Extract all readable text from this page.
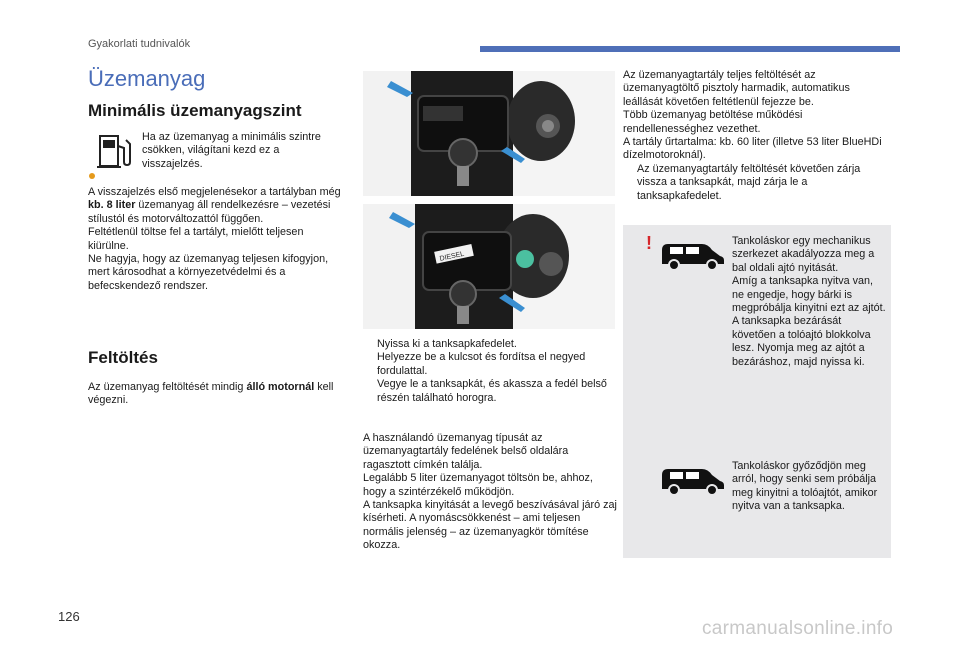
Gyakorlati tudnivalók
Üzemanyag
Minimális üzemanyagszint
Ha az üzemanyag a minimális szintre csökken, világítani kezd ez a visszajelzés.
A visszajelzés első megjelenésekor a tartályban még kb. 8 liter üzemanyag áll rendelkezésre – vezetési stílustól és motorváltozattól függően.
Feltétlenül töltse fel a tartályt, mielőtt teljesen kiürülne.
Ne hagyja, hogy az üzemanyag teljesen kifogyjon, mert károsodhat a környezetvédelmi és a befecskendező rendszer.
Feltöltés
Az üzemanyag feltöltését mindig álló motornál kell végezni.
DIESEL
Nyissa ki a tanksapkafedelet.
Helyezze be a kulcsot és fordítsa el negyed fordulattal.
Vegye le a tanksapkát, és akassza a fedél belső részén található horogra.
A használandó üzemanyag típusát az üzemanyagtartály fedelének belső oldalára ragasztott címkén találja.
Legalább 5 liter üzemanyagot töltsön be, ahhoz, hogy a szintérzékelő működjön.
A tanksapka kinyitását a levegő beszívásával járó zaj kísérheti. A nyomáscsökkenést – ami teljesen normális jelenség – az üzemanyagkör tömítése okozza.
Az üzemanyagtartály teljes feltöltését az üzemanyagtöltő pisztoly harmadik, automatikus leállását követően feltétlenül fejezze be.
Több üzemanyag betöltése működési rendellenességhez vezethet.
A tartály űrtartalma: kb. 60 liter (illetve 53 liter BlueHDi dízelmotoroknál).
Az üzemanyagtartály feltöltését követően zárja vissza a tanksapkát, majd zárja le a tanksapkafedelet.
!	Tankoláskor egy mechanikus szerkezet akadályozza meg a bal oldali ajtó nyitását.
Amíg a tanksapka nyitva van, ne engedje, hogy bárki is megpróbálja kinyitni ezt az ajtót.
A tanksapka bezárását követően a tolóajtó blokkolva lesz. Nyomja meg az ajtót a bezáráshoz, majd nyissa ki.
Tankoláskor győződjön meg arról, hogy senki sem próbálja meg kinyitni a tolóajtót, amikor nyitva van a tanksapka.
126
carmanualsonline.info
